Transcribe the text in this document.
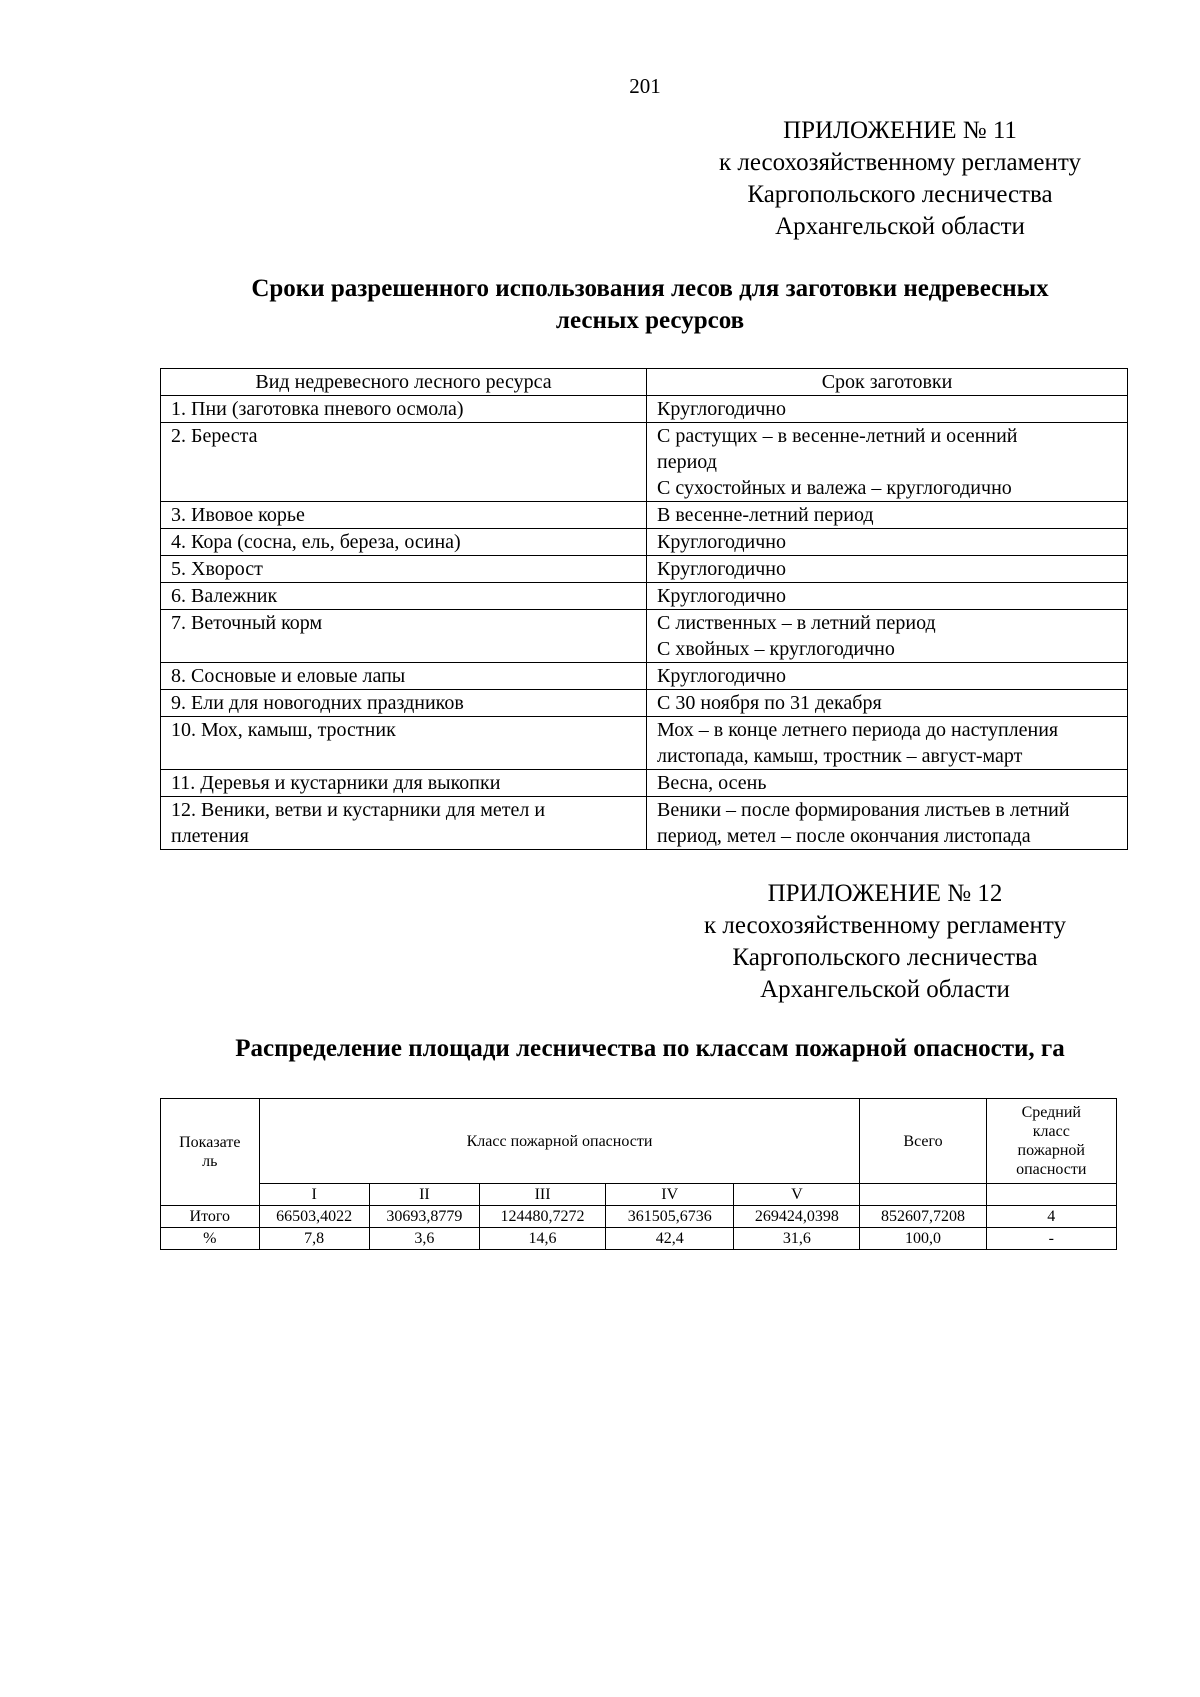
201
ПРИЛОЖЕНИЕ № 11
к лесохозяйственному регламенту
Каргопольского лесничества
Архангельской области
Сроки разрешенного использования лесов для заготовки недревесных
лесных ресурсов
Вид недревесного лесного ресурса	Срок заготовки
1. Пни (заготовка пневого осмола)	Круглогодично
2. Береста	С растущих – в весенне-летний и осенний
период
С сухостойных и валежа – круглогодично
3. Ивовое корье	В весенне-летний период
4. Кора (сосна, ель, береза, осина)	Круглогодично
5. Хворост	Круглогодично
6. Валежник	Круглогодично
7. Веточный корм	С лиственных – в летний период
С хвойных – круглогодично
8. Сосновые и еловые лапы	Круглогодично
9. Ели для новогодних праздников	С 30 ноября по 31 декабря
10. Мох, камыш, тростник	Мох – в конце летнего периода до наступления
листопада, камыш, тростник – август-март
11. Деревья и кустарники для выкопки	Весна, осень
12. Веники, ветви и кустарники для метел и
плетения	Веники – после формирования листьев в летний
период, метел – после окончания листопада
ПРИЛОЖЕНИЕ № 12
к лесохозяйственному регламенту
Каргопольского лесничества
Архангельской области
Распределение площади лесничества по классам пожарной опасности, га
Показате
ль	Класс пожарной опасности					Всего	Средний
класс
пожарной
опасности
	I	II	III	IV	V		
Итого	66503,4022	30693,8779	124480,7272	361505,6736	269424,0398	852607,7208	4
%	7,8	3,6	14,6	42,4	31,6	100,0	-
